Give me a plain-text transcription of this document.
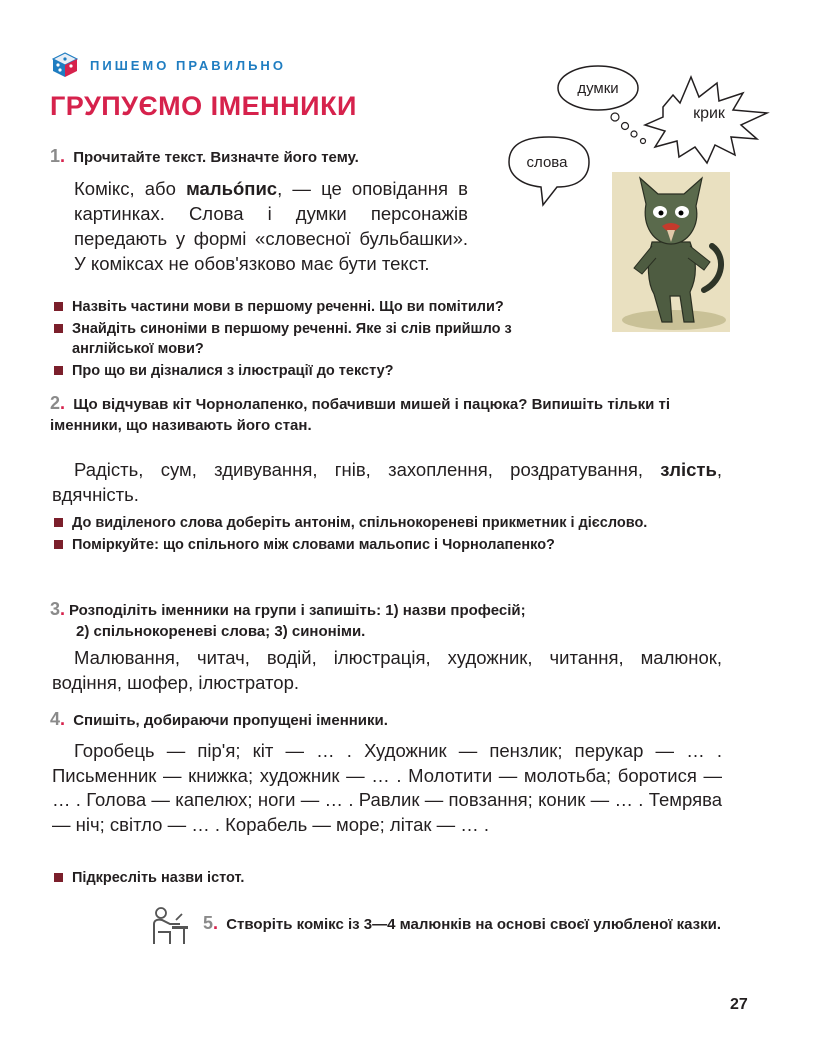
ПИШЕМО ПРАВИЛЬНО
ГРУПУЄМО ІМЕННИКИ
думки
крик
слова
1. Прочитайте текст. Визначте його тему.
Комікс, або мальóпис, — це оповідання в картинках. Слова і думки персонажів передають у формі «словесної бульбашки». У коміксах не обов'язково має бути текст.
Назвіть частини мови в першому реченні. Що ви помітили?
Знайдіть синоніми в першому реченні. Яке зі слів прийшло з англійської мови?
Про що ви дізналися з ілюстрації до тексту?
2. Що відчував кіт Чорнолапенко, побачивши мишей і пацюка? Випишіть тільки ті іменники, що називають його стан.
Радість, сум, здивування, гнів, захоплення, роздратування, злість, вдячність.
До виділеного слова доберіть антонім, спільнокореневі прикметник і дієслово.
Поміркуйте: що спільного між словами мальопис і Чорнолапенко?
3. Розподіліть іменники на групи і запишіть: 1) назви професій;
2) спільнокореневі слова; 3) синоніми.
Малювання, читач, водій, ілюстрація, художник, читання, малюнок, водіння, шофер, ілюстратор.
4. Спишіть, добираючи пропущені іменники.
Горобець — пір'я; кіт — … . Художник — пензлик; перукар — … . Письменник — книжка; художник — … . Молотити — молотьба; боротися — … . Голова — капелюх; ноги — … . Равлик — повзання; коник — … . Темрява — ніч; світло — … . Корабель — море; літак — … .
Підкресліть назви істот.
5. Створіть комікс із 3—4 малюнків на основі своєї улюбленої казки.
27
